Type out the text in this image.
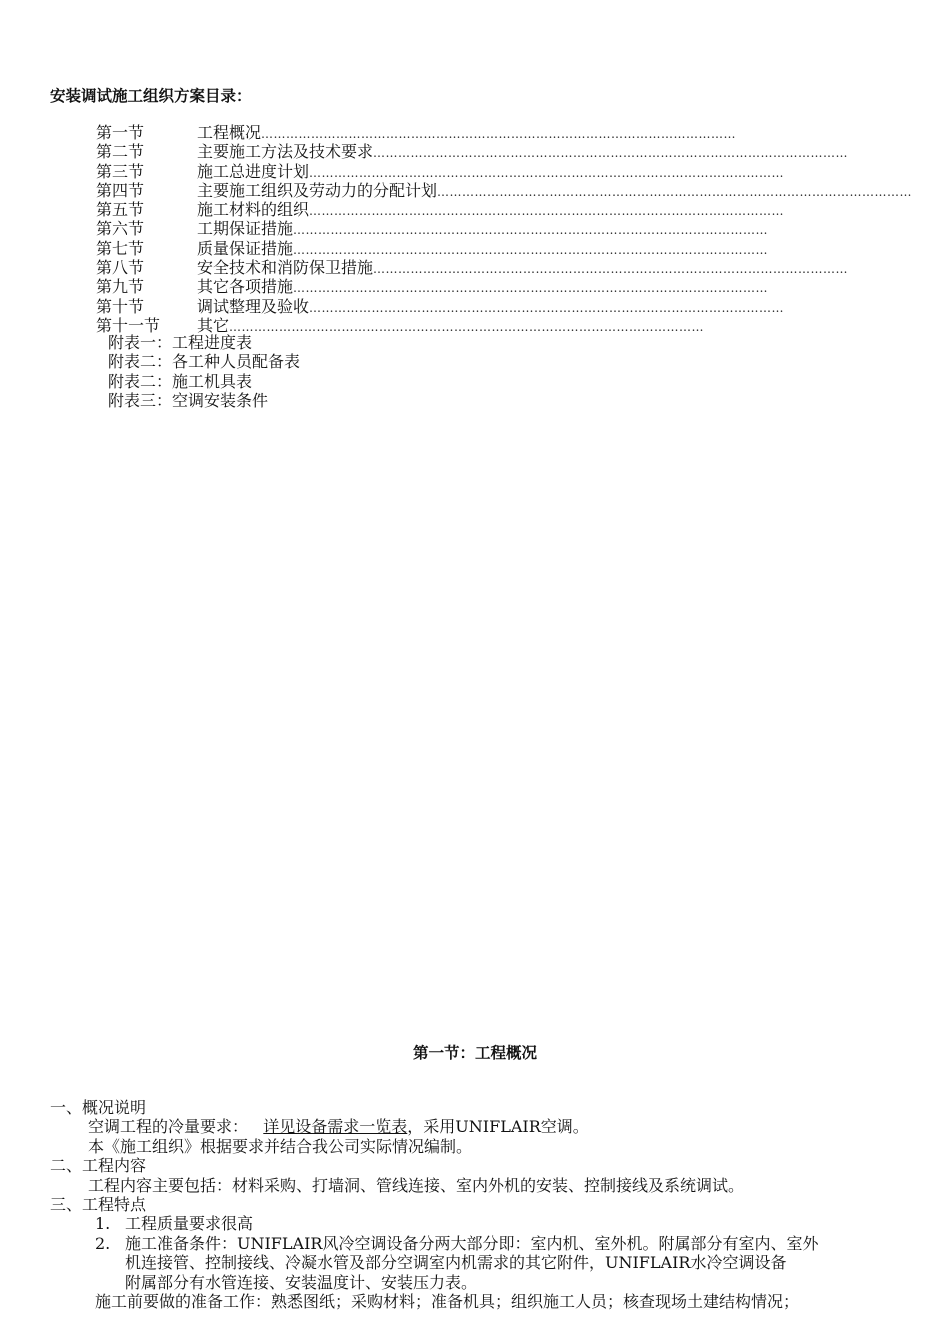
安装调试施工组织方案目录：
第一节	工程概况 ……………………………………………………………………………………………………
第二节	主要施工方法及技术要求 ……………………………………………………………………………………………………
第三节	施工总进度计划 ……………………………………………………………………………………………………
第四节	主要施工组织及劳动力的分配计划 ……………………………………………………………………………………………………
第五节	施工材料的组织 ……………………………………………………………………………………………………
第六节	工期保证措施 ……………………………………………………………………………………………………
第七节	质量保证措施 ……………………………………………………………………………………………………
第八节	安全技术和消防保卫措施 ……………………………………………………………………………………………………
第九节	其它各项措施 ……………………………………………………………………………………………………
第十节	调试整理及验收 ……………………………………………………………………………………………………
第十一节	其它 ……………………………………………………………………………………………………
附表一：工程进度表
附表二：各工种人员配备表
附表二：施工机具表
附表三：空调安装条件
第一节：工程概况
一、概况说明
空调工程的冷量要求： 详见设备需求一览表，采用UNIFLAIR空调。
本《施工组织》根据要求并结合我公司实际情况编制。
二、工程内容
工程内容主要包括：材料采购、打墙洞、管线连接、室内外机的安装、控制接线及系统调试。
三、工程特点
1. 工程质量要求很高
2. 施工准备条件：UNIFLAIR风冷空调设备分两大部分即：室内机、室外机。附属部分有室内、室外
机连接管、控制接线、冷凝水管及部分空调室内机需求的其它附件，UNIFLAIR水冷空调设备
附属部分有水管连接、安装温度计、安装压力表。
施工前要做的准备工作：熟悉图纸；采购材料；准备机具；组织施工人员；核查现场土建结构情况；
